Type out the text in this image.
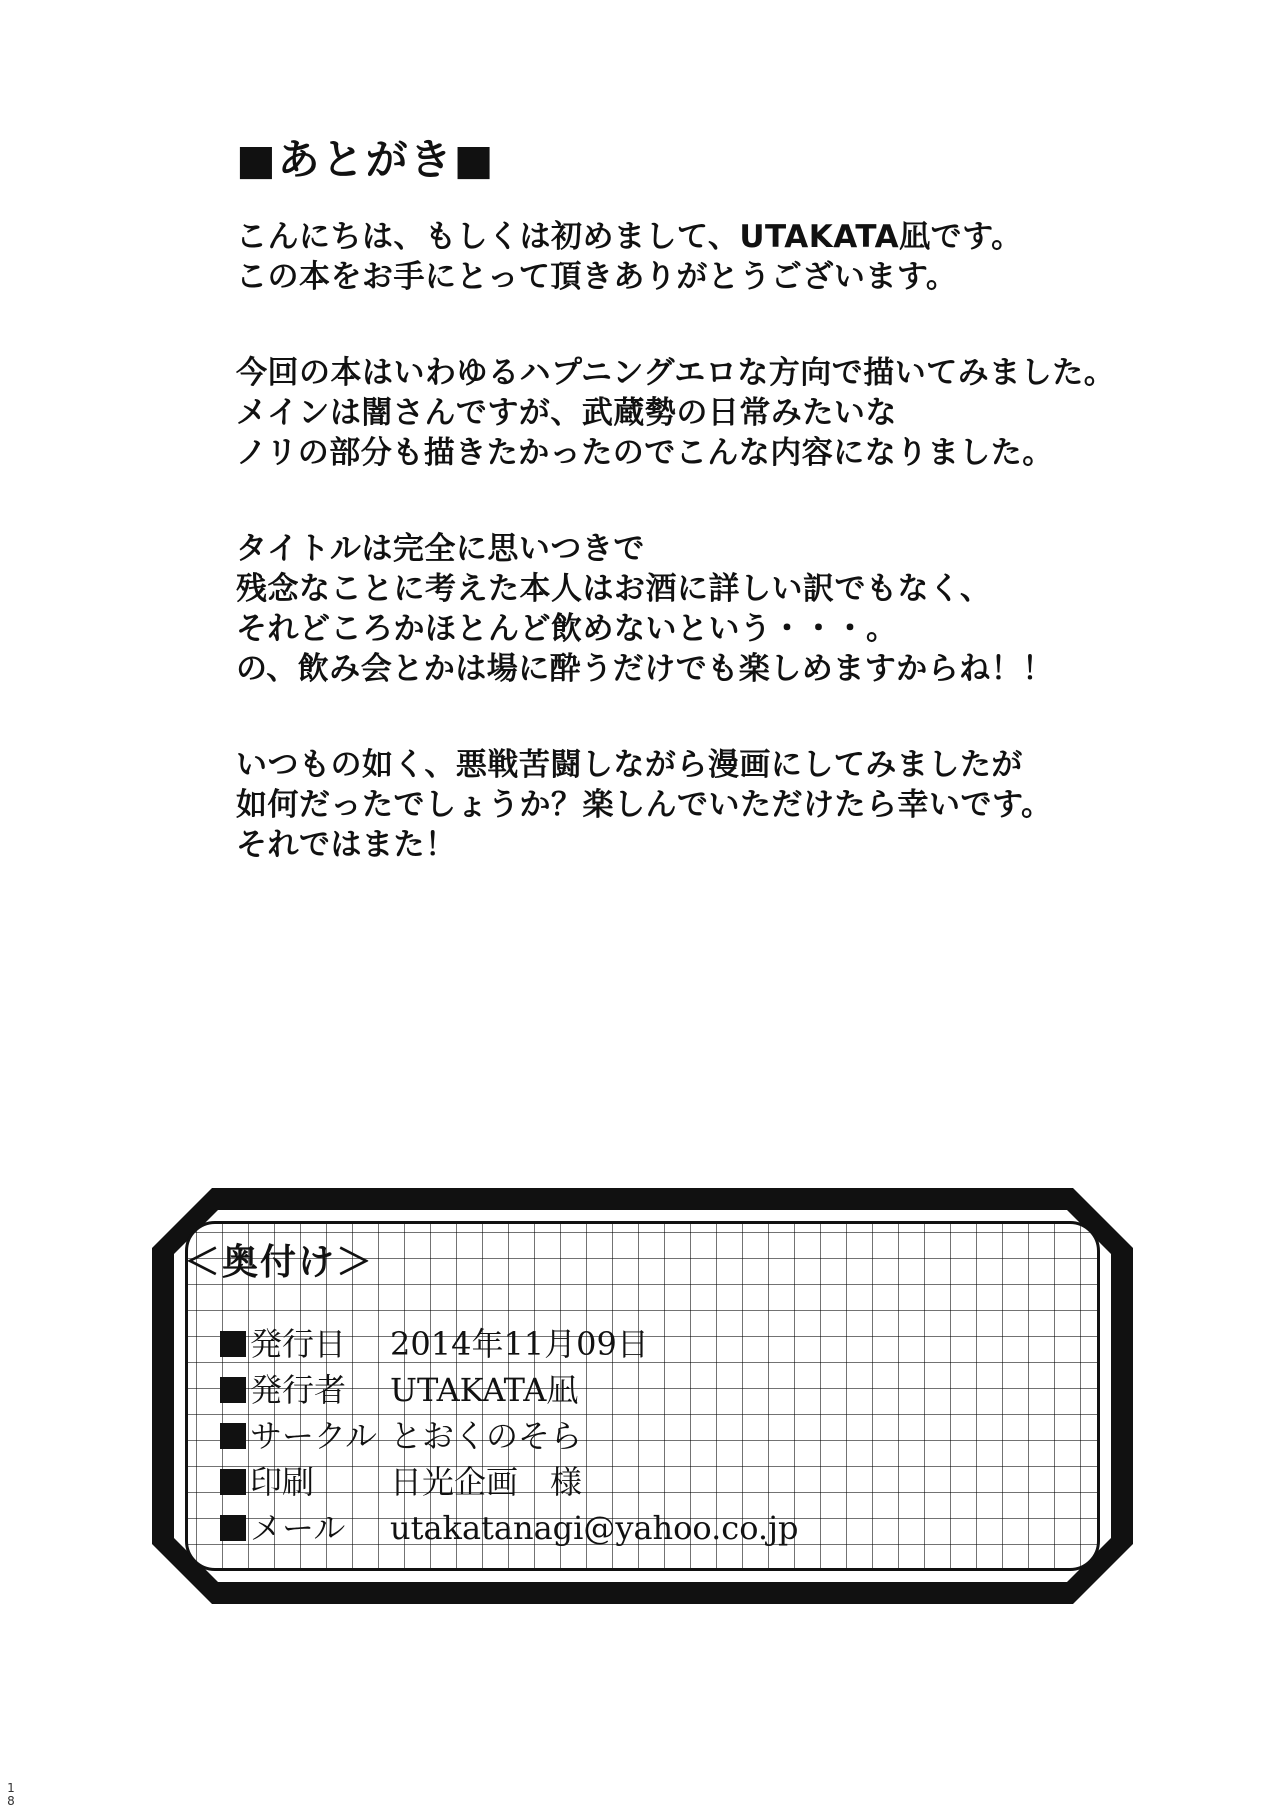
■あとがき■
こんにちは、もしくは初めまして、UTAKATA凪です。
この本をお手にとって頂きありがとうございます。
今回の本はいわゆるハプニングエロな方向で描いてみました。
メインは闇さんですが、武蔵勢の日常みたいな
ノリの部分も描きたかったのでこんな内容になりました。
タイトルは完全に思いつきで
残念なことに考えた本人はお酒に詳しい訳でもなく、
それどころかほとんど飲めないという・・・。
の、飲み会とかは場に酔うだけでも楽しめますからね！！
いつもの如く、悪戦苦闘しながら漫画にしてみましたが
如何だったでしょうか？楽しんでいただけたら幸いです。
それではまた！
＜奥付け＞
発行日	2014年11月09日
発行者	UTAKATA凪
サークル とおくのそら
印刷	日光企画　様
メール	utakatanagi@yahoo.co.jp
18
